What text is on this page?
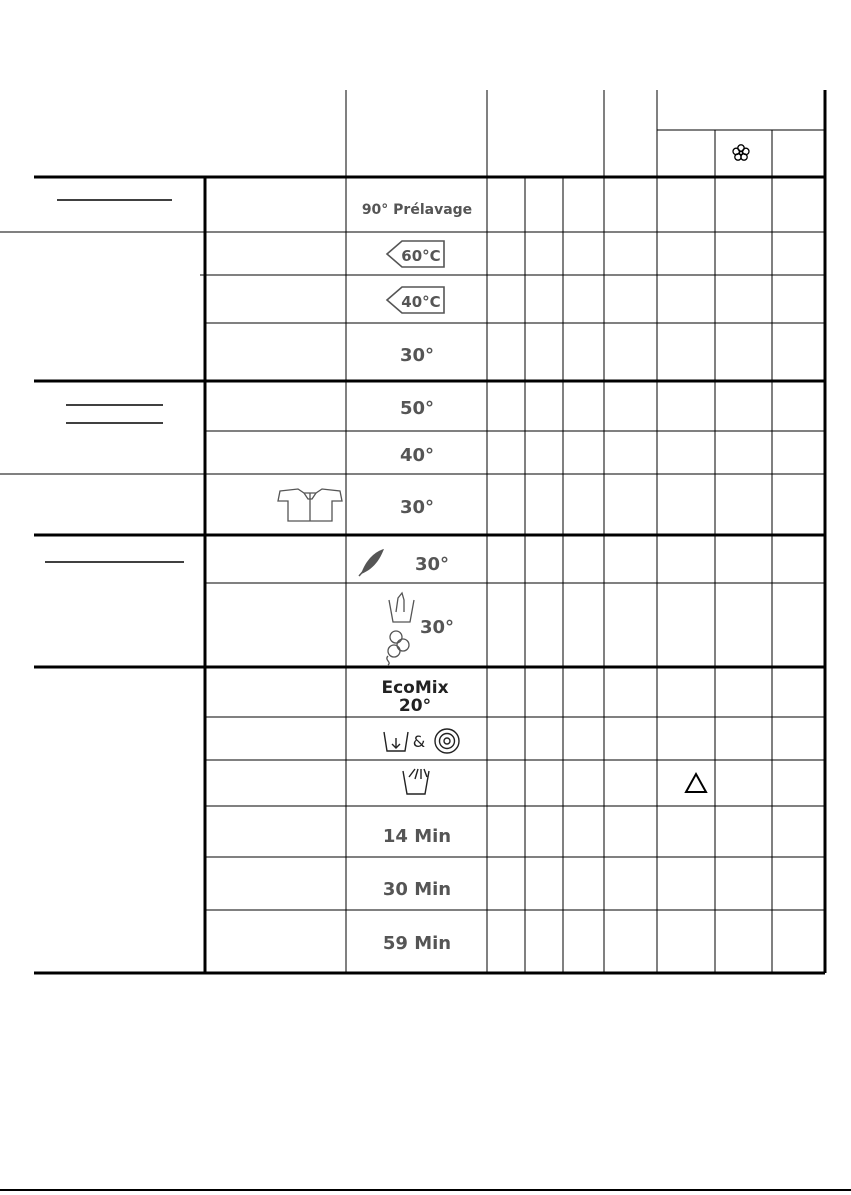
90° Prélavage
60°C
40°C
30°
50°
40°
30°
30°
30°
EcoMix
20°
&
14 Min
30 Min
59 Min
